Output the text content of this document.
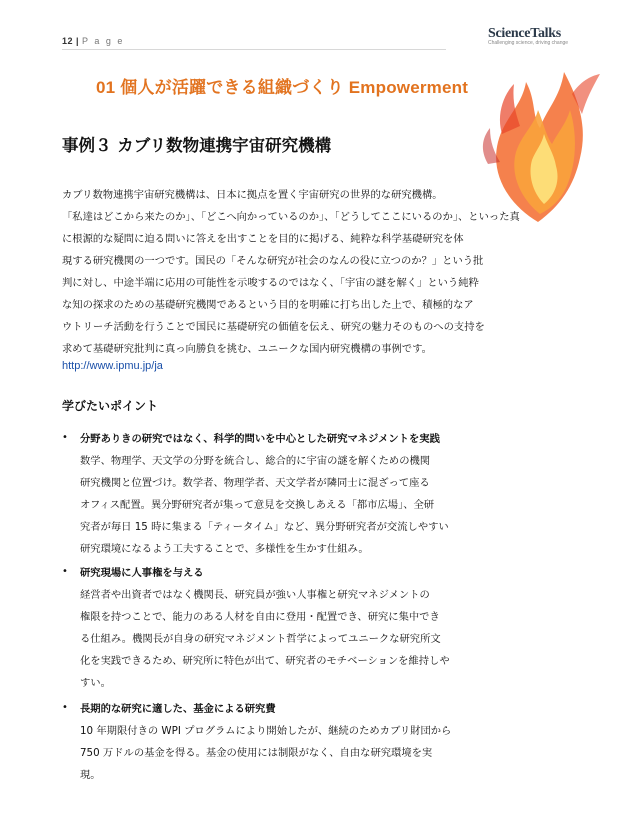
12 | P a g e	ScienceTalks
Challenging science, driving change
01 個人が活躍できる組織づくり Empowerment
事例３ カブリ数物連携宇宙研究機構
カブリ数物連携宇宙研究機構は、日本に拠点を置く宇宙研究の世界的な研究機構。
「私達はどこから来たのか」、「どこへ向かっているのか」、「どうしてここにいるのか」、といった真
に根源的な疑問に迫る問いに答えを出すことを目的に掲げる、純粋な科学基礎研究を体
現する研究機関の一つです。国民の「そんな研究が社会のなんの役に立つのか？」という批
判に対し、中途半端に応用の可能性を示唆するのではなく、「宇宙の謎を解く」という純粋
な知の探求のための基礎研究機関であるという目的を明確に打ち出した上で、積極的なア
ウトリーチ活動を行うことで国民に基礎研究の価値を伝え、研究の魅力そのものへの支持を
求めて基礎研究批判に真っ向勝負を挑む、ユニークな国内研究機構の事例です。
http://www.ipmu.jp/ja
学びたいポイント
• 分野ありきの研究ではなく、科学的問いを中心とした研究マネジメントを実践
数学、物理学、天文学の分野を統合し、総合的に宇宙の謎を解くための機関
研究機関と位置づけ。数学者、物理学者、天文学者が隣同士に混ざって座る
オフィス配置。異分野研究者が集って意見を交換しあえる「都市広場」、全研
究者が毎日 15 時に集まる「ティータイム」など、異分野研究者が交流しやすい
研究環境になるよう工夫することで、多様性を生かす仕組み。
• 研究現場に人事権を与える
経営者や出資者ではなく機関長、研究員が強い人事権と研究マネジメントの
権限を持つことで、能力のある人材を自由に登用・配置でき、研究に集中でき
る仕組み。機関長が自身の研究マネジメント哲学によってユニークな研究所文
化を実践できるため、研究所に特色が出て、研究者のモチベーションを維持しや
すい。
• 長期的な研究に適した、基金による研究費
10 年期限付きの WPI プログラムにより開始したが、継続のためカブリ財団から
750 万ドルの基金を得る。基金の使用には制限がなく、自由な研究環境を実
現。
